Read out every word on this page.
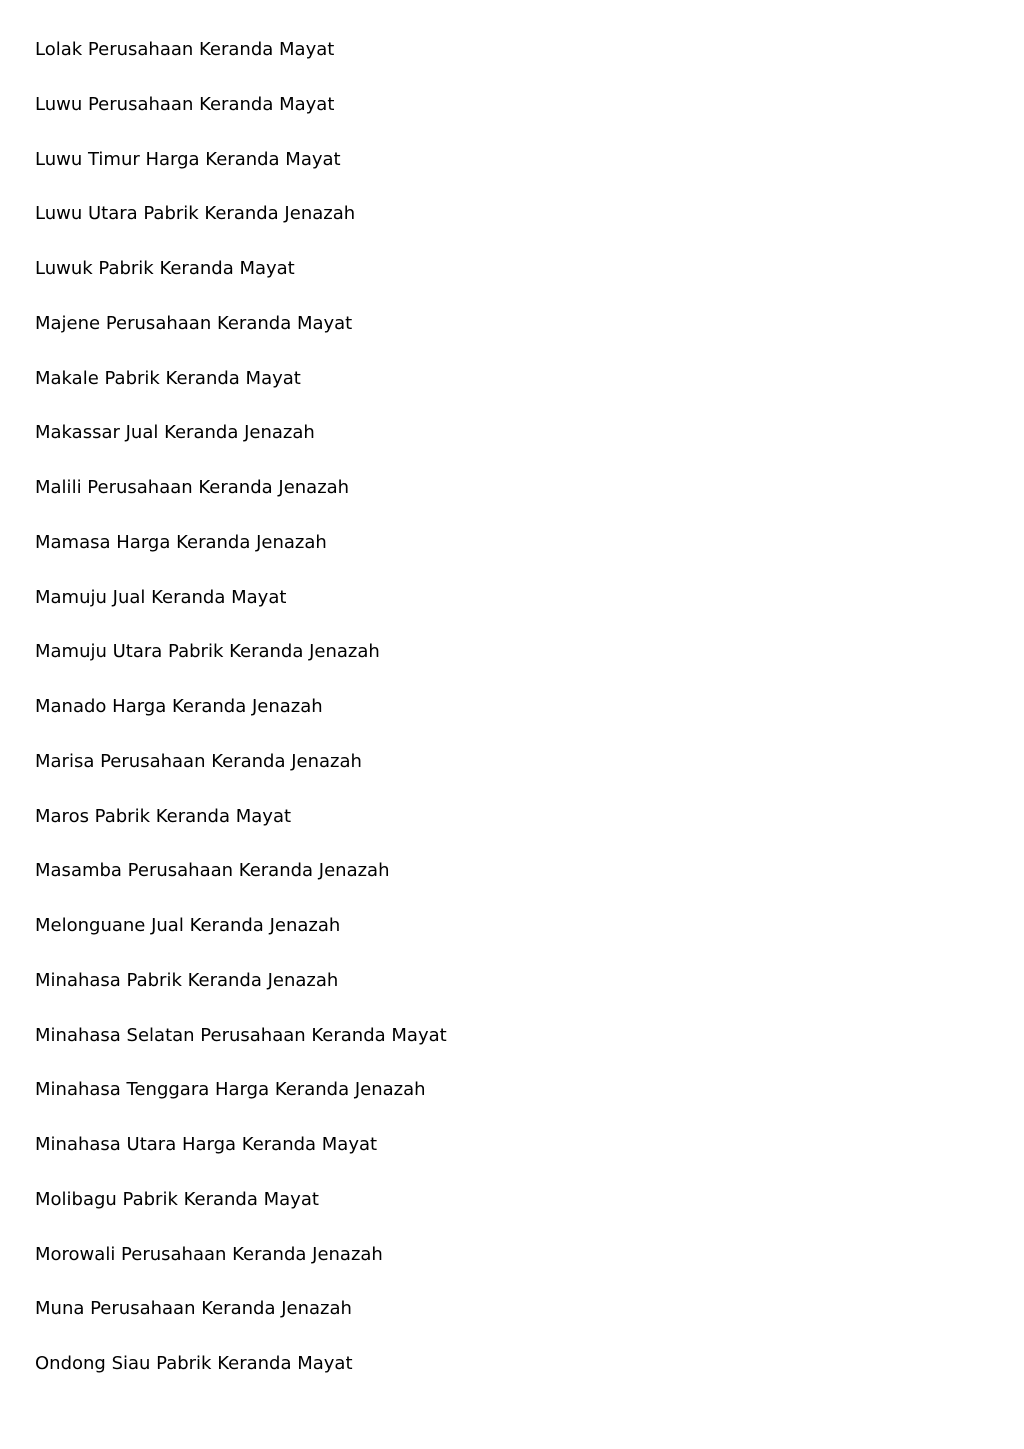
Lolak Perusahaan Keranda Mayat
Luwu Perusahaan Keranda Mayat
Luwu Timur Harga Keranda Mayat
Luwu Utara Pabrik Keranda Jenazah
Luwuk Pabrik Keranda Mayat
Majene Perusahaan Keranda Mayat
Makale Pabrik Keranda Mayat
Makassar Jual Keranda Jenazah
Malili Perusahaan Keranda Jenazah
Mamasa Harga Keranda Jenazah
Mamuju Jual Keranda Mayat
Mamuju Utara Pabrik Keranda Jenazah
Manado Harga Keranda Jenazah
Marisa Perusahaan Keranda Jenazah
Maros Pabrik Keranda Mayat
Masamba Perusahaan Keranda Jenazah
Melonguane Jual Keranda Jenazah
Minahasa Pabrik Keranda Jenazah
Minahasa Selatan Perusahaan Keranda Mayat
Minahasa Tenggara Harga Keranda Jenazah
Minahasa Utara Harga Keranda Mayat
Molibagu Pabrik Keranda Mayat
Morowali Perusahaan Keranda Jenazah
Muna Perusahaan Keranda Jenazah
Ondong Siau Pabrik Keranda Mayat
